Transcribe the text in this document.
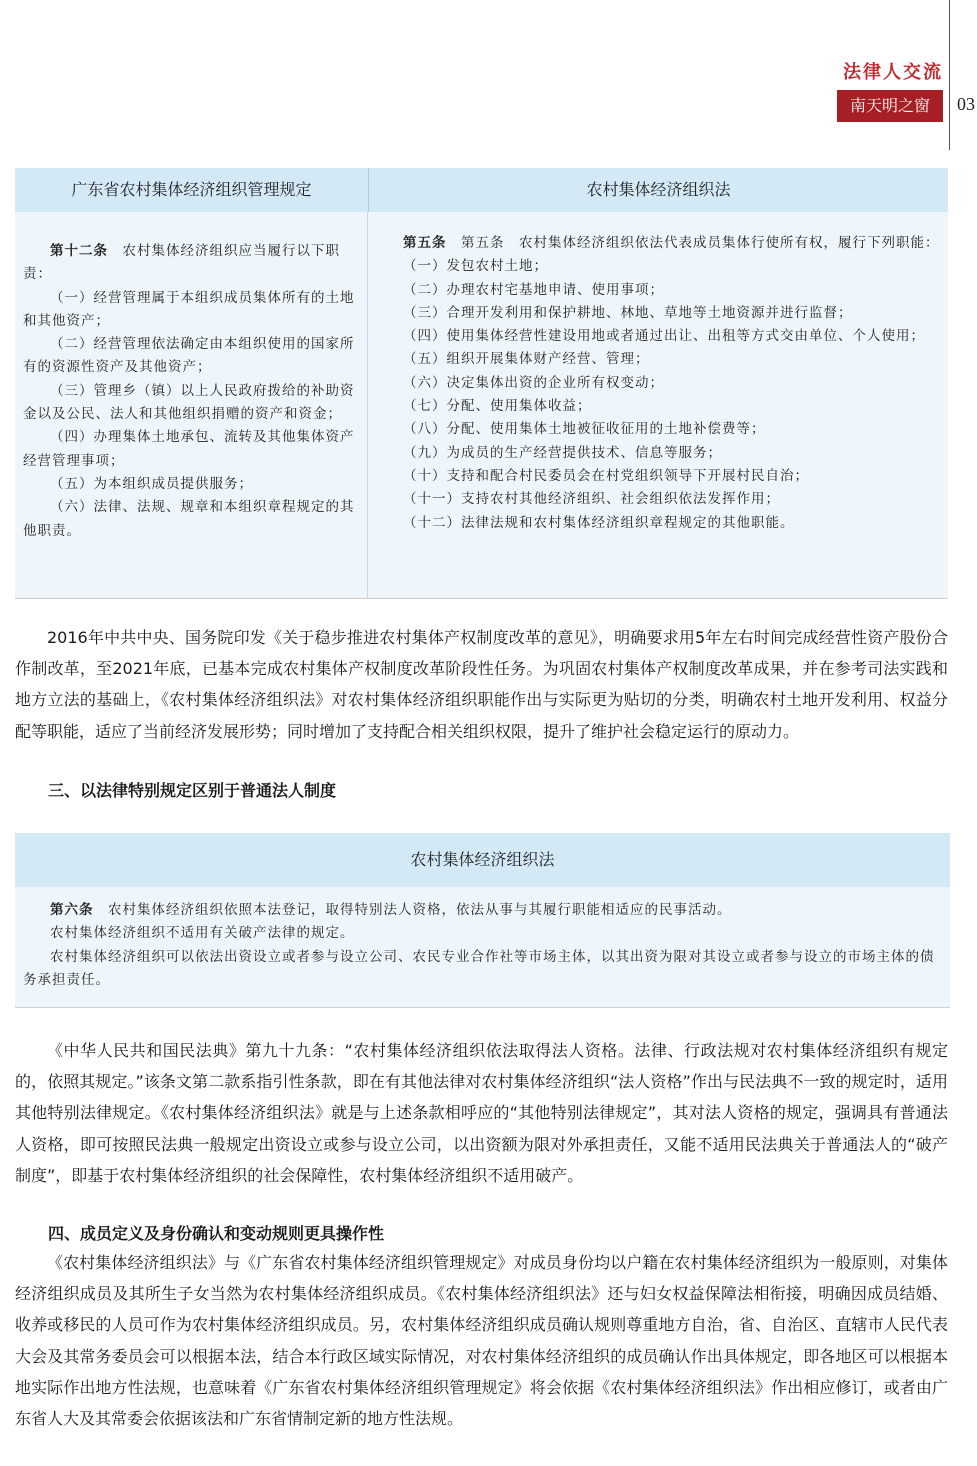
法律人交流
南天明之窗	03
广东省农村集体经济组织管理规定	农村集体经济组织法

第十二条　 农村集体经济组织应当履行以下职责：

（一）经营管理属于本组织成员集体所有的土地和其他资产；

（二）经营管理依法确定由本组织使用的国家所有的资源性资产及其他资产；

（三）管理乡（镇）以上人民政府拨给的补助资金以及公民、法人和其他组织捐赠的资产和资金；

（四）办理集体土地承包、流转及其他集体资产经营管理事项；

（五）为本组织成员提供服务；

（六）法律、法规、规章和本组织章程规定的其他职责。

第五条　 第五条　农村集体经济组织依法代表成员集体行使所有权，履行下列职能：

（一）发包农村土地；

（二）办理农村宅基地申请、使用事项；

（三）合理开发利用和保护耕地、林地、草地等土地资源并进行监督；

（四）使用集体经营性建设用地或者通过出让、出租等方式交由单位、个人使用；

（五）组织开展集体财产经营、管理；

（六）决定集体出资的企业所有权变动；

（七）分配、使用集体收益；

（八）分配、使用集体土地被征收征用的土地补偿费等；

（九）为成员的生产经营提供技术、信息等服务；

（十）支持和配合村民委员会在村党组织领导下开展村民自治；

（十一）支持农村其他经济组织、社会组织依法发挥作用；

（十二）法律法规和农村集体经济组织章程规定的其他职能。

2016年中共中央、国务院印发《关于稳步推进农村集体产权制度改革的意见》，明确要求用5年左右时间完成经营性资产股份合作制改革，至2021年底，已基本完成农村集体产权制度改革阶段性任务。为巩固农村集体产权制度改革成果，并在参考司法实践和地方立法的基础上，《农村集体经济组织法》对农村集体经济组织职能作出与实际更为贴切的分类，明确农村土地开发利用、权益分配等职能，适应了当前经济发展形势；同时增加了支持配合相关组织权限，提升了维护社会稳定运行的原动力。

三、以法律特别规定区别于普通法人制度

农村集体经济组织法

第六条　 农村集体经济组织依照本法登记，取得特别法人资格，依法从事与其履行职能相适应的民事活动。

农村集体经济组织不适用有关破产法律的规定。

农村集体经济组织可以依法出资设立或者参与设立公司、农民专业合作社等市场主体，以其出资为限对其设立或者参与设立的市场主体的债务承担责任。

《中华人民共和国民法典》第九十九条：“农村集体经济组织依法取得法人资格。法律、行政法规对农村集体经济组织有规定的，依照其规定。”该条文第二款系指引性条款，即在有其他法律对农村集体经济组织“法人资格”作出与民法典不一致的规定时，适用其他特别法律规定。《农村集体经济组织法》就是与上述条款相呼应的“其他特别法律规定”，其对法人资格的规定，强调具有普通法人资格，即可按照民法典一般规定出资设立或参与设立公司，以出资额为限对外承担责任，又能不适用民法典关于普通法人的“破产制度”，即基于农村集体经济组织的社会保障性，农村集体经济组织不适用破产。

四、成员定义及身份确认和变动规则更具操作性

《农村集体经济组织法》与《广东省农村集体经济组织管理规定》对成员身份均以户籍在农村集体经济组织为一般原则，对集体经济组织成员及其所生子女当然为农村集体经济组织成员。《农村集体经济组织法》还与妇女权益保障法相衔接，明确因成员结婚、收养或移民的人员可作为农村集体经济组织成员。另，农村集体经济组织成员确认规则尊重地方自治，省、自治区、直辖市人民代表大会及其常务委员会可以根据本法，结合本行政区域实际情况，对农村集体经济组织的成员确认作出具体规定，即各地区可以根据本地实际作出地方性法规，也意味着《广东省农村集体经济组织管理规定》将会依据《农村集体经济组织法》作出相应修订，或者由广东省人大及其常委会依据该法和广东省情制定新的地方性法规。
